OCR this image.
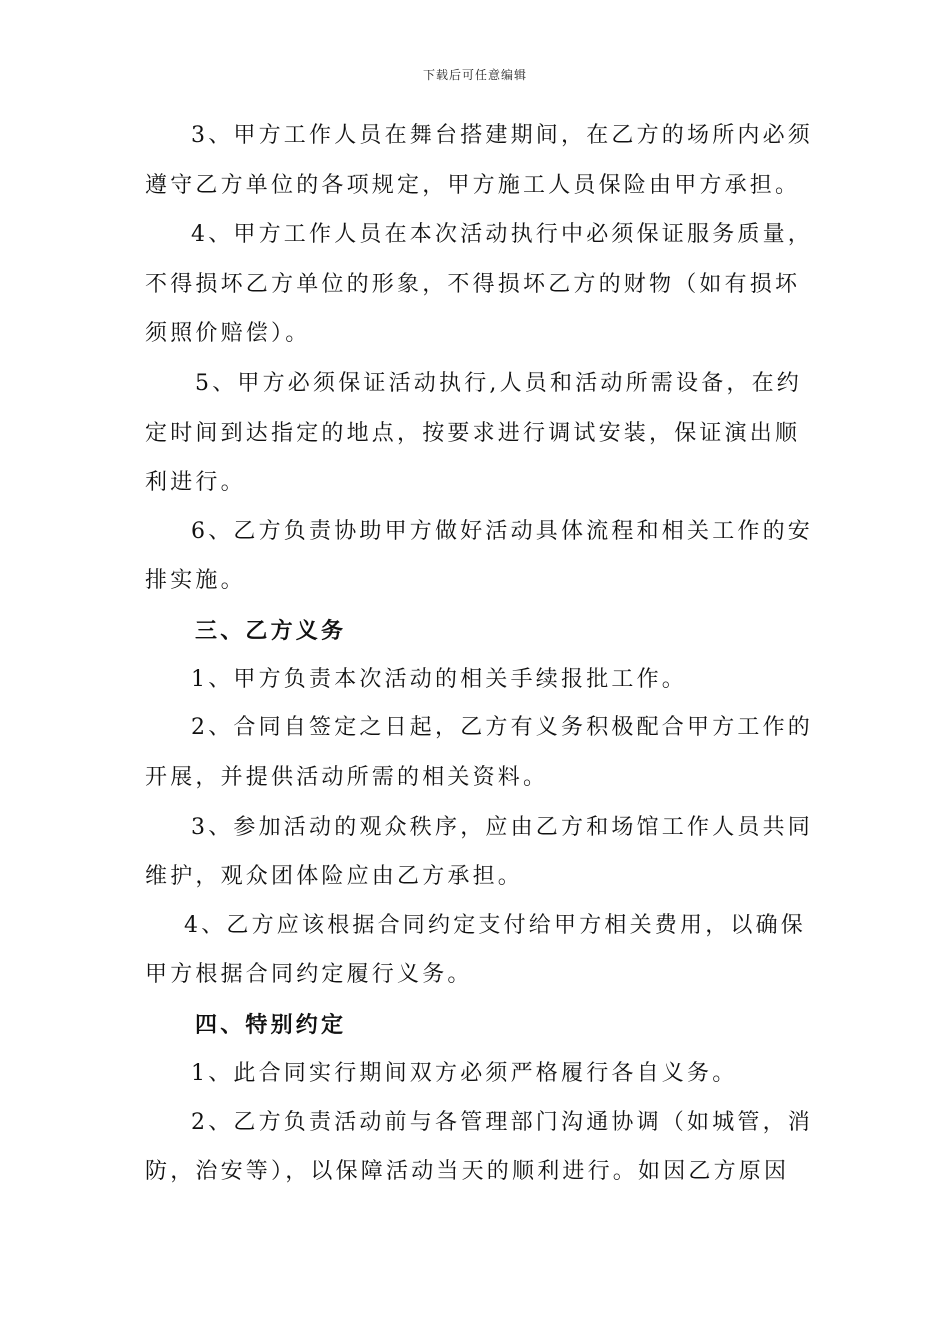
下载后可任意编辑
3、甲方工作人员在舞台搭建期间，在乙方的场所内必须
遵守乙方单位的各项规定，甲方施工人员保险由甲方承担。
4、甲方工作人员在本次活动执行中必须保证服务质量，
不得损坏乙方单位的形象，不得损坏乙方的财物（如有损坏
须照价赔偿）。
5、甲方必须保证活动执行,人员和活动所需设备，在约
定时间到达指定的地点，按要求进行调试安装，保证演出顺
利进行。
6、乙方负责协助甲方做好活动具体流程和相关工作的安
排实施。
三、乙方义务
1、甲方负责本次活动的相关手续报批工作。
2、合同自签定之日起，乙方有义务积极配合甲方工作的
开展，并提供活动所需的相关资料。
3、参加活动的观众秩序，应由乙方和场馆工作人员共同
维护，观众团体险应由乙方承担。
4、乙方应该根据合同约定支付给甲方相关费用，以确保
甲方根据合同约定履行义务。
四、特别约定
1、此合同实行期间双方必须严格履行各自义务。
2、乙方负责活动前与各管理部门沟通协调（如城管，消
防，治安等），以保障活动当天的顺利进行。如因乙方原因
